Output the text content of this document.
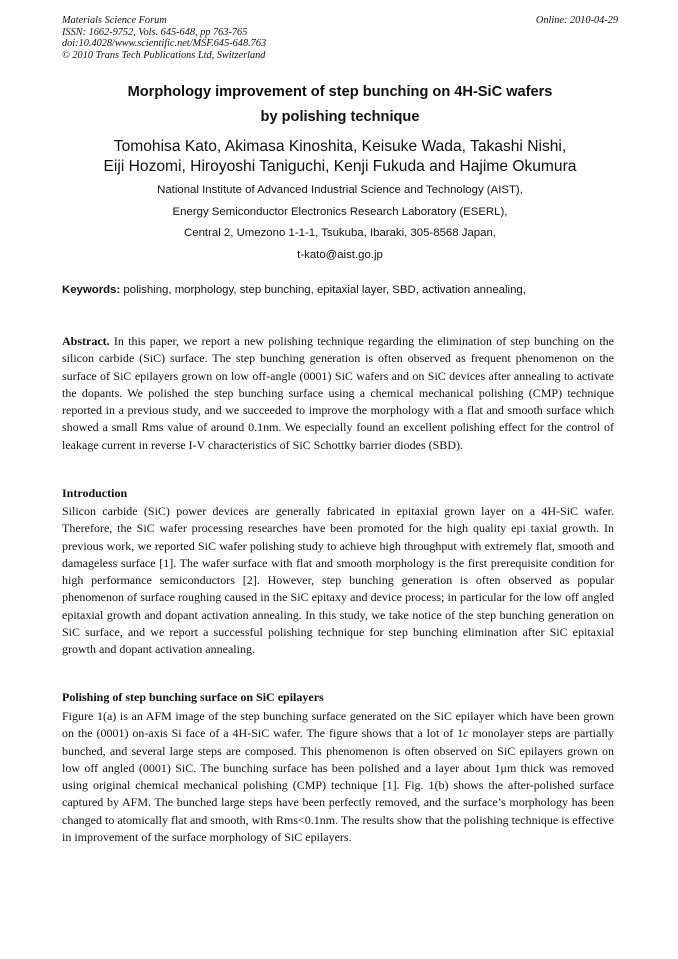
Materials Science Forum
ISSN: 1662-9752, Vols. 645-648, pp 763-765
doi:10.4028/www.scientific.net/MSF.645-648.763
© 2010 Trans Tech Publications Ltd, Switzerland
Online: 2010-04-29
Morphology improvement of step bunching on 4H-SiC wafers
by polishing technique
Tomohisa Kato, Akimasa Kinoshita, Keisuke Wada, Takashi Nishi,
Eiji Hozomi, Hiroyoshi Taniguchi, Kenji Fukuda and Hajime Okumura
National Institute of Advanced Industrial Science and Technology (AIST),
Energy Semiconductor Electronics Research Laboratory (ESERL),
Central 2, Umezono 1-1-1, Tsukuba, Ibaraki, 305-8568 Japan,
t-kato@aist.go.jp
Keywords: polishing, morphology, step bunching, epitaxial layer, SBD, activation annealing,

Abstract. In this paper, we report a new polishing technique regarding the elimination of step bunching on the silicon carbide (SiC) surface. The step bunching generation is often observed as frequent phenomenon on the surface of SiC epilayers grown on low off-angle (0001) SiC wafers and on SiC devices after annealing to activate the dopants. We polished the step bunching surface using a chemical mechanical polishing (CMP) technique reported in a previous study, and we succeeded to improve the morphology with a flat and smooth surface which showed a small Rms value of around 0.1nm. We especially found an excellent polishing effect for the control of leakage current in reverse I-V characteristics of SiC Schottky barrier diodes (SBD).

Introduction

Silicon carbide (SiC) power devices are generally fabricated in epitaxial grown layer on a 4H-SiC wafer. Therefore, the SiC wafer processing researches have been promoted for the high quality epi taxial growth. In previous work, we reported SiC wafer polishing study to achieve high throughput with extremely flat, smooth and damageless surface [1]. The wafer surface with flat and smooth morphology is the first prerequisite condition for high performance semiconductors [2]. However, step bunching generation is often observed as popular phenomenon of surface roughing caused in the SiC epitaxy and device process; in particular for the low off angled epitaxial growth and dopant activation annealing. In this study, we take notice of the step bunching generation on SiC surface, and we report a successful polishing technique for step bunching elimination after SiC epitaxial growth and dopant activation annealing.

Polishing of step bunching surface on SiC epilayers

Figure 1(a) is an AFM image of the step bunching surface generated on the SiC epilayer which have been grown on the (0001) on-axis Si face of a 4H-SiC wafer. The figure shows that a lot of 1c monolayer steps are partially bunched, and several large steps are composed. This phenomenon is often observed on SiC epilayers grown on low off angled (0001) SiC. The bunching surface has been polished and a layer about 1μm thick was removed using original chemical mechanical polishing (CMP) technique [1]. Fig. 1(b) shows the after-polished surface captured by AFM. The bunched large steps have been perfectly removed, and the surface’s morphology has been changed to atomically flat and smooth, with Rms<0.1nm. The results show that the polishing technique is effective in improvement of the surface morphology of SiC epilayers.
